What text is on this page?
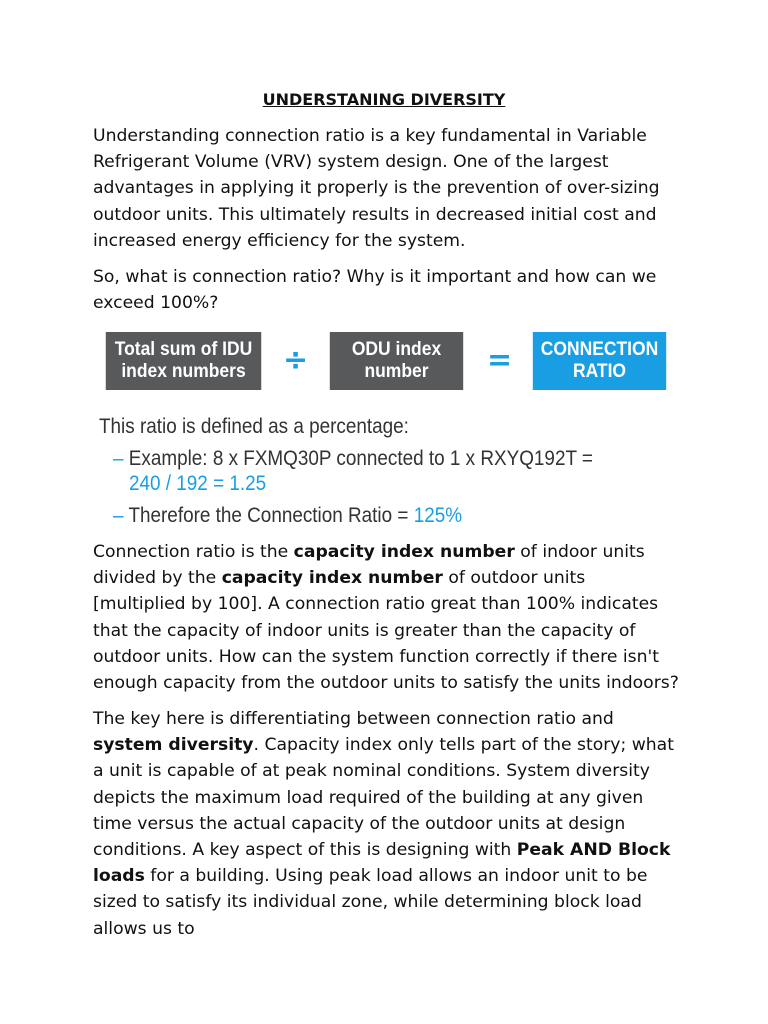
UNDERSTANING DIVERSITY

Understanding connection ratio is a key fundamental in Variable Refrigerant Volume (VRV) system design. One of the largest advantages in applying it properly is the prevention of over-sizing outdoor units. This ultimately results in decreased initial cost and increased energy efficiency for the system.

So, what is connection ratio? Why is it important and how can we exceed 100%?

Total sum of IDU index numbers	÷	ODU index number	=	CONNECTION RATIO
This ratio is defined as a percentage:
– Example: 8 x FXMQ30P connected to 1 x RXYQ192T =
240 / 192 = 1.25
– Therefore the Connection Ratio = 125%

Connection ratio is the capacity index number of indoor units divided by the capacity index number of outdoor units [multiplied by 100]. A connection ratio great than 100% indicates that the capacity of indoor units is greater than the capacity of outdoor units. How can the system function correctly if there isn't enough capacity from the outdoor units to satisfy the units indoors?

The key here is differentiating between connection ratio and system diversity. Capacity index only tells part of the story; what a unit is capable of at peak nominal conditions. System diversity depicts the maximum load required of the building at any given time versus the actual capacity of the outdoor units at design conditions. A key aspect of this is designing with Peak AND Block loads for a building. Using peak load allows an indoor unit to be sized to satisfy its individual zone, while determining block load allows us to
